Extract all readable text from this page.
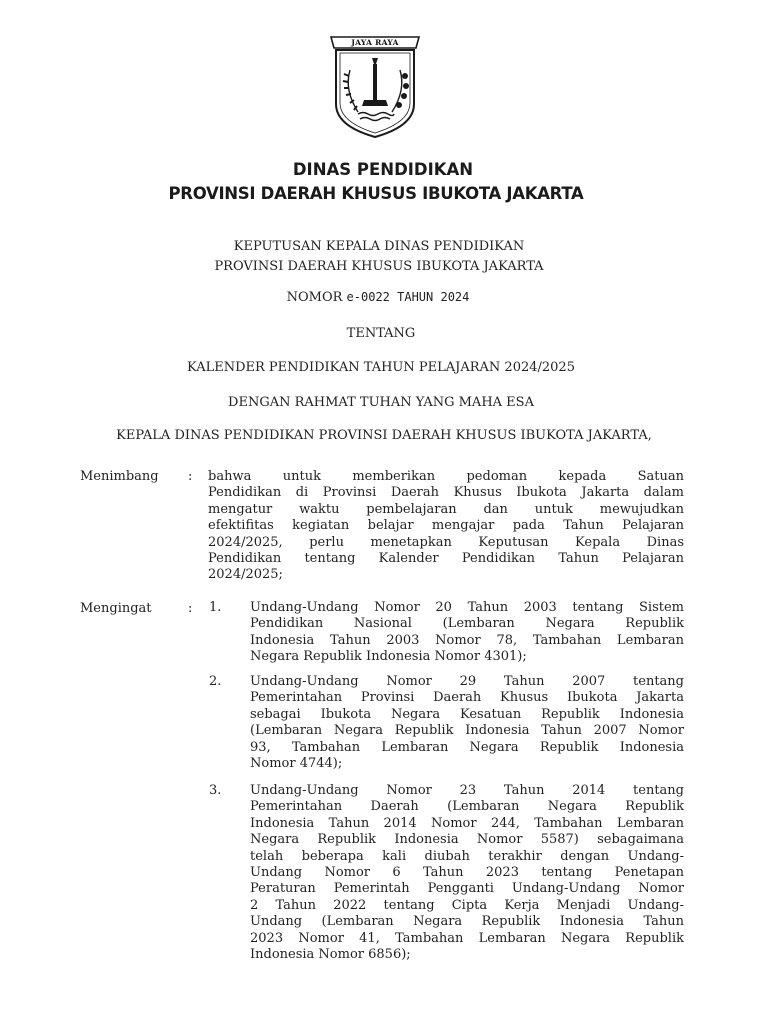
JAYA RAYA
DINAS PENDIDIKAN
PROVINSI DAERAH KHUSUS IBUKOTA JAKARTA
KEPUTUSAN KEPALA DINAS PENDIDIKAN
PROVINSI DAERAH KHUSUS IBUKOTA JAKARTA
NOMOR e-0022 TAHUN 2024
TENTANG
KALENDER PENDIDIKAN TAHUN PELAJARAN 2024/2025
DENGAN RAHMAT TUHAN YANG MAHA ESA
KEPALA DINAS PENDIDIKAN PROVINSI DAERAH KHUSUS IBUKOTA JAKARTA,
Menimbang : bahwa untuk memberikan pedoman kepada Satuan
Pendidikan di Provinsi Daerah Khusus Ibukota Jakarta dalam
mengatur waktu pembelajaran dan untuk mewujudkan
efektifitas kegiatan belajar mengajar pada Tahun Pelajaran
2024/2025, perlu menetapkan Keputusan Kepala Dinas
Pendidikan tentang Kalender Pendidikan Tahun Pelajaran
2024/2025;
Mengingat	: 1. Undang-Undang Nomor 20 Tahun 2003 tentang Sistem
Pendidikan Nasional (Lembaran Negara Republik
Indonesia Tahun 2003 Nomor 78, Tambahan Lembaran
Negara Republik Indonesia Nomor 4301);
2. Undang-Undang Nomor 29 Tahun 2007 tentang
Pemerintahan Provinsi Daerah Khusus Ibukota Jakarta
sebagai Ibukota Negara Kesatuan Republik Indonesia
(Lembaran Negara Republik Indonesia Tahun 2007 Nomor
93, Tambahan Lembaran Negara Republik Indonesia
Nomor 4744);
3. Undang-Undang Nomor 23 Tahun 2014 tentang
Pemerintahan Daerah (Lembaran Negara Republik
Indonesia Tahun 2014 Nomor 244, Tambahan Lembaran
Negara Republik Indonesia Nomor 5587) sebagaimana
telah beberapa kali diubah terakhir dengan Undang-
Undang Nomor 6 Tahun 2023 tentang Penetapan
Peraturan Pemerintah Pengganti Undang-Undang Nomor
2 Tahun 2022 tentang Cipta Kerja Menjadi Undang-
Undang (Lembaran Negara Republik Indonesia Tahun
2023 Nomor 41, Tambahan Lembaran Negara Republik
Indonesia Nomor 6856);
